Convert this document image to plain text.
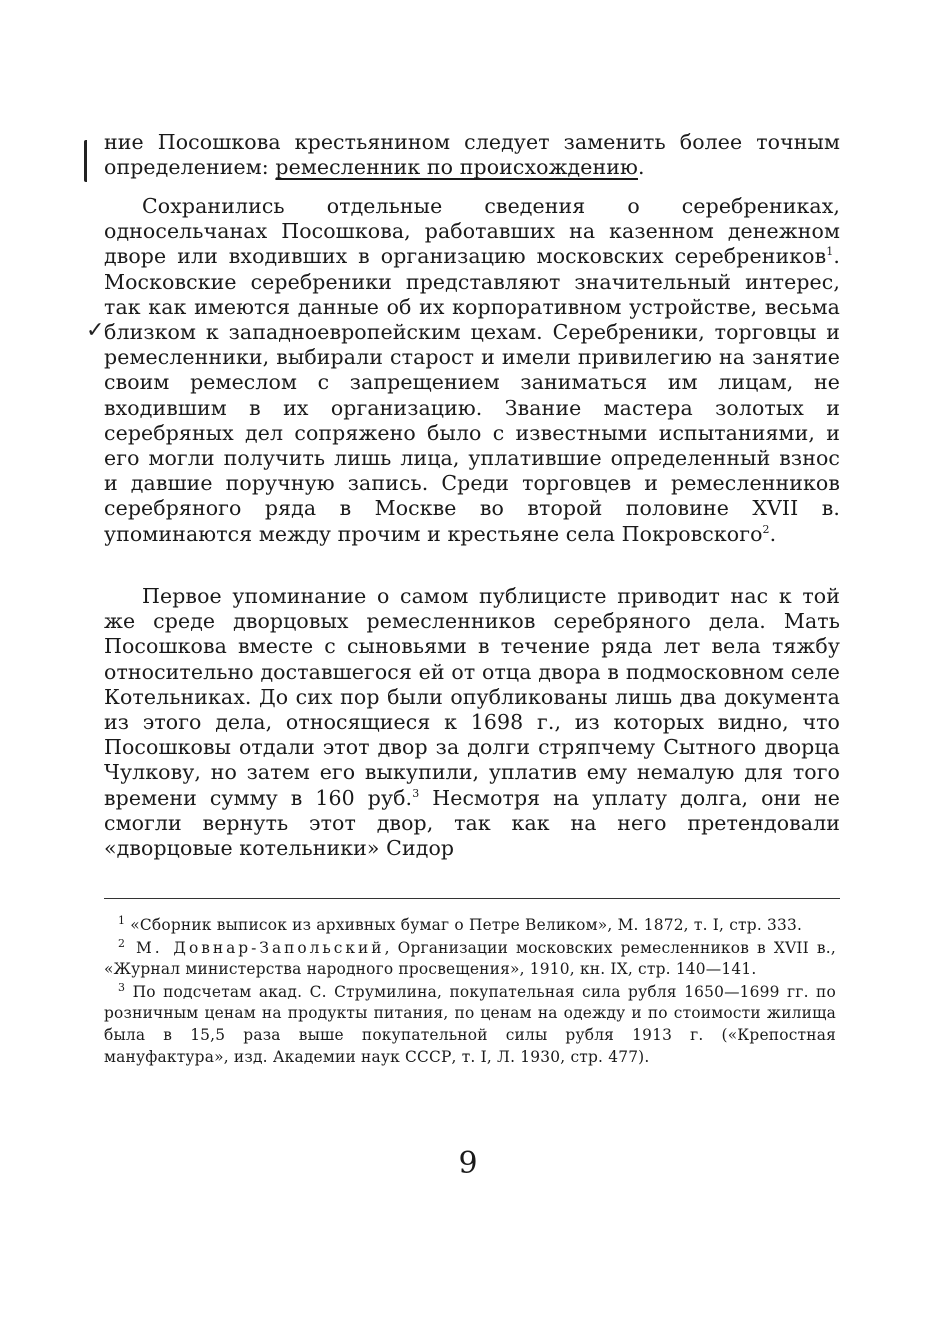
✓

ние Посошкова крестьянином следует заменить более точным определением: ремесленник по происхождению.

Сохранились отдельные сведения о серебрениках, односельчанах Посошкова, работавших на казенном денежном дворе или входивших в организацию московских серебреников$^1$. Московские серебреники представляют значительный интерес, так как имеются данные об их корпоративном устройстве, весьма близком к западноевропейским цехам. Серебреники, торговцы и ремесленники, выбирали старост и имели привилегию на занятие своим ремеслом с запрещением заниматься им лицам, не входившим в их организацию. Звание мастера золотых и серебряных дел сопряжено было с известными испытаниями, и его могли получить лишь лица, уплатившие определенный взнос и давшие поручную запись. Среди торговцев и ремесленников серебряного ряда в Москве во второй половине XVII в. упоминаются между прочим и крестьяне села Покровского$^2$.

Первое упоминание о самом публицисте приводит нас к той же среде дворцовых ремесленников серебряного дела. Мать Посошкова вместе с сыновьями в течение ряда лет вела тяжбу относительно доставшегося ей от отца двора в подмосковном селе Котельниках. До сих пор были опубликованы лишь два документа из этого дела, относящиеся к 1698 г., из которых видно, что Посошковы отдали этот двор за долги стряпчему Сытного дворца Чулкову, но затем его выкупили, уплатив ему немалую для того времени сумму в 160 руб.$^3$ Несмотря на уплату долга, они не смогли вернуть этот двор, так как на него претендовали «дворцовые котельники» Сидор

$^1$ «Сборник выписок из архивных бумаг о Петре Великом», М. 1872, т. I, стр. 333.

$^2$ М. Довнар-Запольский, Организации московских ремесленников в XVII в., «Журнал министерства народного просвещения», 1910, кн. IX, стр. 140—141.

$^3$ По подсчетам акад. С. Струмилина, покупательная сила рубля 1650—1699 гг. по розничным ценам на продукты питания, по ценам на одежду и по стоимости жилища была в 15,5 раза выше покупательной силы рубля 1913 г. («Крепостная мануфактура», изд. Академии наук СССР, т. I, Л. 1930, стр. 477).

9
